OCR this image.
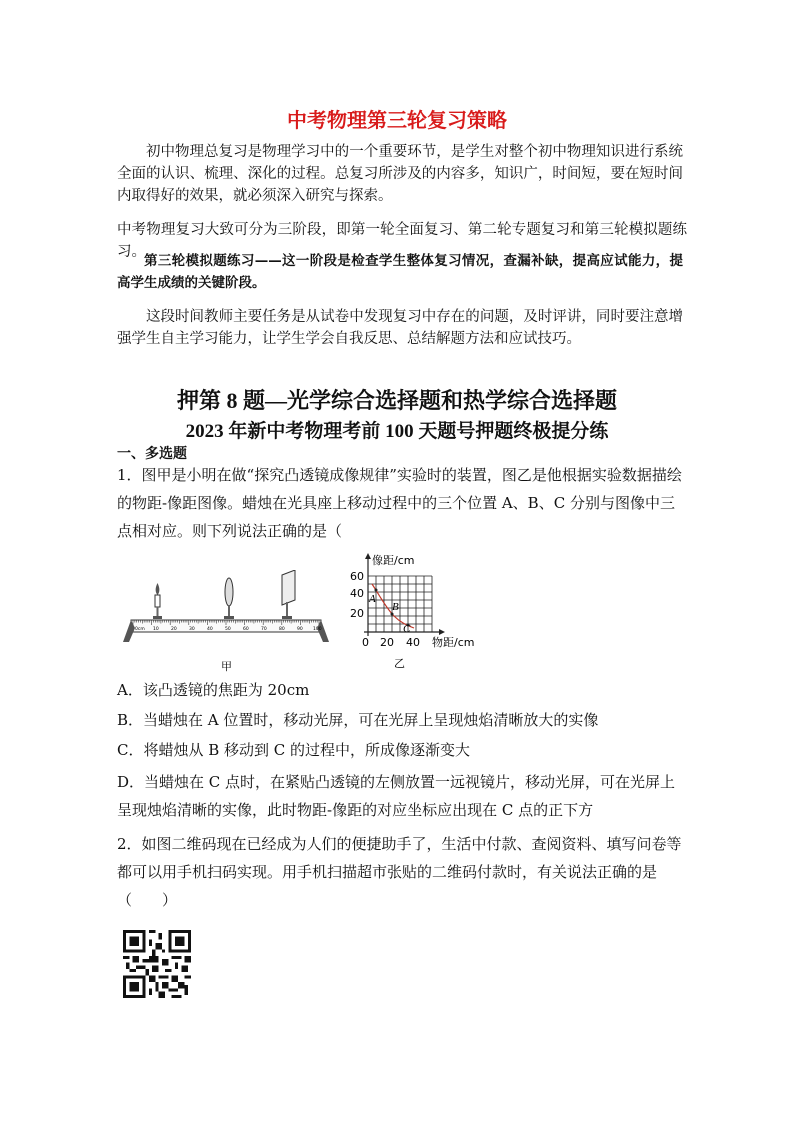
中考物理第三轮复习策略
初中物理总复习是物理学习中的一个重要环节，是学生对整个初中物理知识进行系统全面的认识、梳理、深化的过程。总复习所涉及的内容多，知识广，时间短，要在短时间内取得好的效果，就必须深入研究与探索。
中考物理复习大致可分为三阶段，即第一轮全面复习、第二轮专题复习和第三轮模拟题练习。
第三轮模拟题练习——这一阶段是检查学生整体复习情况，查漏补缺，提高应试能力，提高学生成绩的关键阶段。
这段时间教师主要任务是从试卷中发现复习中存在的问题，及时评讲，同时要注意增强学生自主学习能力，让学生学会自我反思、总结解题方法和应试技巧。
押第 8 题—光学综合选择题和热学综合选择题
2023 年新中考物理考前 100 天题号押题终极提分练
一、多选题
1．图甲是小明在做“探究凸透镜成像规律”实验时的装置，图乙是他根据实验数据描绘的物距-像距图像。蜡烛在光具座上移动过程中的三个位置 A、B、C 分别与图像中三点相对应。则下列说法正确的是（
0cm 10	20	30	40	50	60	70	80	90 100
甲
A
B
C
像距/cm
60
40
20
0 20 40 物距/cm
乙
A．该凸透镜的焦距为 20cm
B．当蜡烛在 A 位置时，移动光屏，可在光屏上呈现烛焰清晰放大的实像
C．将蜡烛从 B 移动到 C 的过程中，所成像逐渐变大
D．当蜡烛在 C 点时，在紧贴凸透镜的左侧放置一远视镜片，移动光屏，可在光屏上呈现烛焰清晰的实像，此时物距-像距的对应坐标应出现在 C 点的正下方
2．如图二维码现在已经成为人们的便捷助手了，生活中付款、查阅资料、填写问卷等都可以用手机扫码实现。用手机扫描超市张贴的二维码付款时，有关说法正确的是（　　）
